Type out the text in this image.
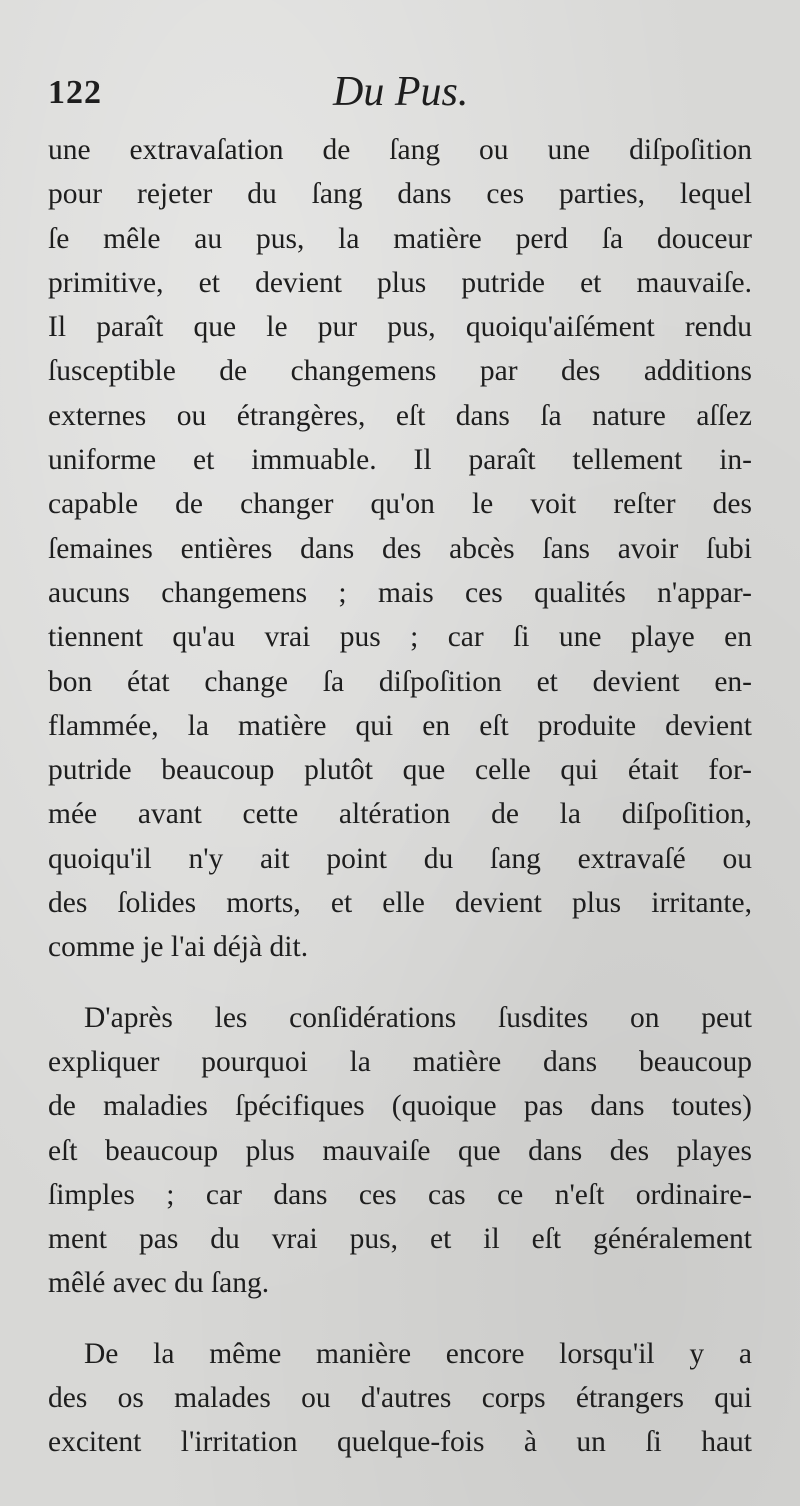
122	Du Pus.
une extravaſation de ſang ou une diſpoſition
pour rejeter du ſang dans ces parties, lequel
ſe mêle au pus, la matière perd ſa douceur
primitive, et devient plus putride et mauvaiſe.
Il paraît que le pur pus, quoiqu'aiſément rendu
ſusceptible de changemens par des additions
externes ou étrangères, eſt dans ſa nature aſſez
uniforme et immuable. Il paraît tellement in-
capable de changer qu'on le voit reſter des
ſemaines entières dans des abcès ſans avoir ſubi
aucuns changemens ; mais ces qualités n'appar-
tiennent qu'au vrai pus ; car ſi une playe en
bon état change ſa diſpoſition et devient en-
flammée, la matière qui en eſt produite devient
putride beaucoup plutôt que celle qui était for-
mée avant cette altération de la diſpoſition,
quoiqu'il n'y ait point du ſang extravaſé ou
des ſolides morts, et elle devient plus irritante,
comme je l'ai déjà dit.
D'après les conſidérations ſusdites on peut
expliquer pourquoi la matière dans beaucoup
de maladies ſpécifiques (quoique pas dans toutes)
eſt beaucoup plus mauvaiſe que dans des playes
ſimples ; car dans ces cas ce n'eſt ordinaire-
ment pas du vrai pus, et il eſt généralement
mêlé avec du ſang.
De la même manière encore lorsqu'il y a
des os malades ou d'autres corps étrangers qui
excitent l'irritation quelque-fois à un ſi haut
